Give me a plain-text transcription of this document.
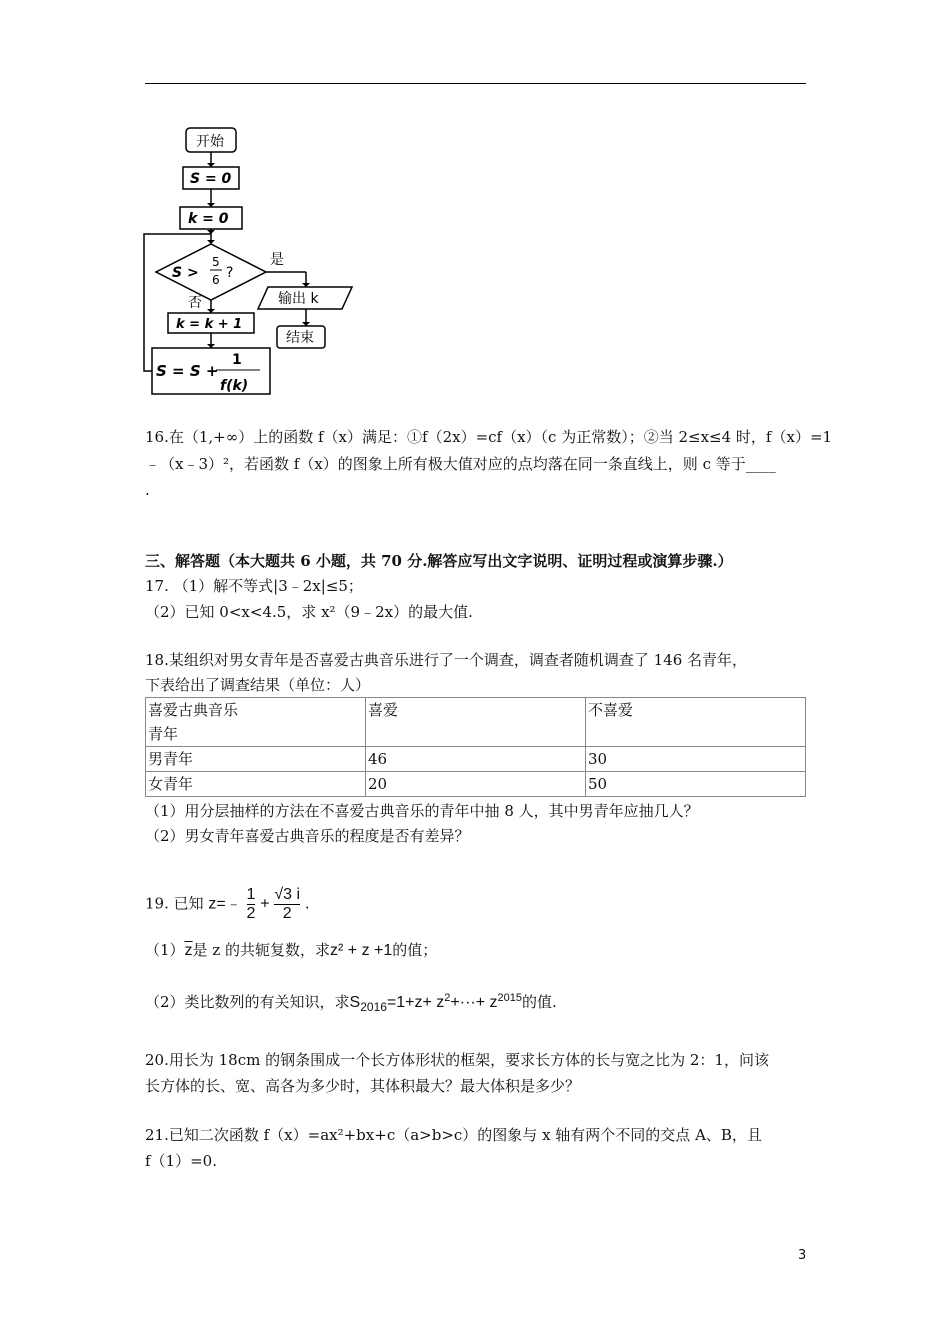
开始
S = 0
k = 0
S >
5
6 ?
是
否	输出 k
结束
k = k + 1
S = S +
1
f(k)
16.在（1,+∞）上的函数 f（x）满足：①f（2x）=cf（x）（c 为正常数）；②当 2≤x≤4 时，f（x）=1
﹣（x﹣3）²，若函数 f（x）的图象上所有极大值对应的点均落在同一条直线上，则 c 等于____
.
三、解答题（本大题共 6 小题，共 70 分.解答应写出文字说明、证明过程或演算步骤.）
17. （1）解不等式|3﹣2x|≤5；
（2）已知 0<x<4.5，求 x²（9﹣2x）的最大值.
18.某组织对男女青年是否喜爱古典音乐进行了一个调查，调查者随机调查了 146 名青年，
下表给出了调查结果（单位：人）
喜爱古典音乐
青年	喜爱	不喜爱
男青年	46	30
女青年	20	50
（1）用分层抽样的方法在不喜爱古典音乐的青年中抽 8 人，其中男青年应抽几人？
（2）男女青年喜爱古典音乐的程度是否有差异？
19. 已知 z=﹣ $\frac{1}{2} + \frac{√3 i}{2}$ .
$(1)\overline{z}$是 z 的共轭复数，求z² + z +1的值；
（2）类比数列的有关知识，求$S_{2016}=1+z+ z^2+\cdot\cdot\cdot+ z^{2015}$的值.
20.用长为 18cm 的钢条围成一个长方体形状的框架，要求长方体的长与宽之比为 2：1，问该
长方体的长、宽、高各为多少时，其体积最大？最大体积是多少？
21.已知二次函数 f（x）=ax²+bx+c（a>b>c）的图象与 x 轴有两个不同的交点 A、B，且
f（1）=0.
3
